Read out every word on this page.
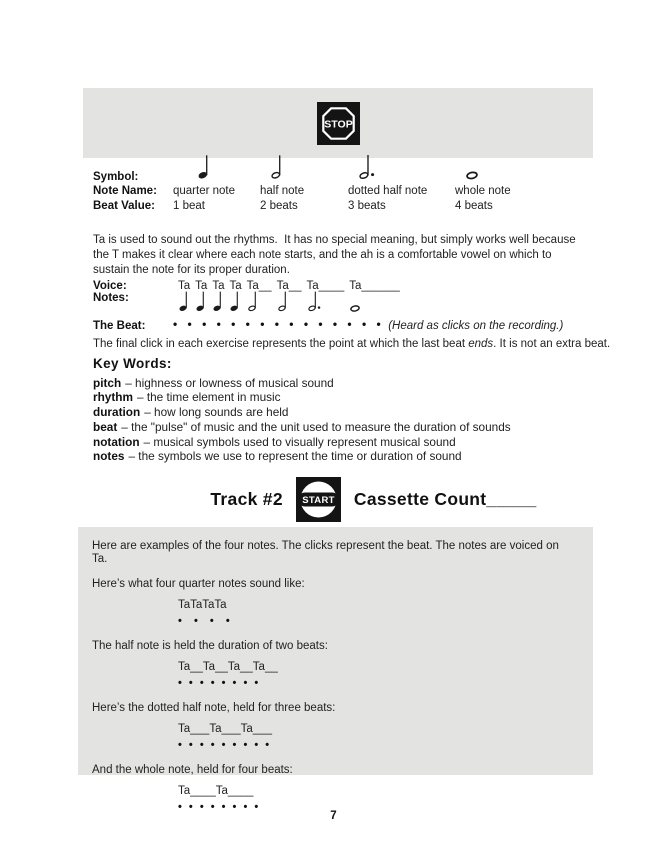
STOP
Symbol:
Note Name:	quarter note	half note	dotted half note	whole note
Beat Value:	1 beat	2 beats	3 beats	4 beats

Ta is used to sound out the rhythms.  It has no special meaning, but simply works well because the T makes it clear where each note starts, and the ah is a comfortable vowel on which to sustain the note for its proper duration.

Voice:	Ta Ta Ta Ta Ta__ Ta__ Ta____ Ta______
Notes:
The Beat:	• • • • • • • • • • • • • • • (Heard as clicks on the recording.)
The final click in each exercise represents the point at which the last beat ends. It is not an extra beat.
Key Words:
pitch – highness or lowness of musical sound
rhythm – the time element in music
duration – how long sounds are held
beat – the "pulse" of music and the unit used to measure the duration of sounds
notation – musical symbols used to visually represent musical sound
notes – the symbols we use to represent the time or duration of sound
Track #2 START Cassette Count_____
Here are examples of the four notes. The clicks represent the beat. The notes are voiced on Ta.
Here’s what four quarter notes sound like:
TaTaTaTa
•  •  •  •
The half note is held the duration of two beats:
Ta__Ta__Ta__Ta__
• • • • • • • •
Here’s the dotted half note, held for three beats:
Ta___Ta___Ta___
• • • • • • • • •
And the whole note, held for four beats:
Ta____Ta____
• • • • • • • •
7
